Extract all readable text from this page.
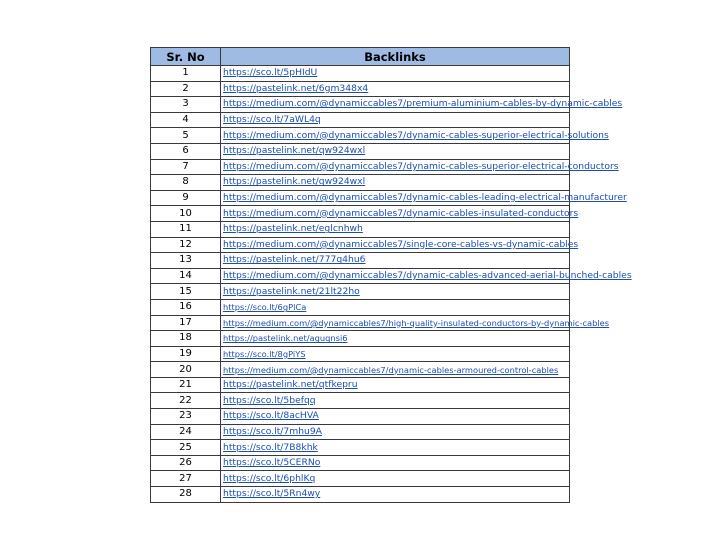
Sr. No	Backlinks
1	https://sco.lt/5pHIdU
2	https://pastelink.net/6gm348x4
3	https://medium.com/@dynamiccables7/premium-aluminium-cables-by-dynamic-cables
4	https://sco.lt/7aWL4q
5	https://medium.com/@dynamiccables7/dynamic-cables-superior-electrical-solutions
6	https://pastelink.net/qw924wxl
7	https://medium.com/@dynamiccables7/dynamic-cables-superior-electrical-conductors
8	https://pastelink.net/qw924wxl
9	https://medium.com/@dynamiccables7/dynamic-cables-leading-electrical-manufacturer
10	https://medium.com/@dynamiccables7/dynamic-cables-insulated-conductors
11	https://pastelink.net/eglcnhwh
12	https://medium.com/@dynamiccables7/single-core-cables-vs-dynamic-cables
13	https://pastelink.net/777q4hu6
14	https://medium.com/@dynamiccables7/dynamic-cables-advanced-aerial-bunched-cables
15	https://pastelink.net/21lt22ho
16	https://sco.lt/6gPlCa
17	https://medium.com/@dynamiccables7/high-quality-insulated-conductors-by-dynamic-cables
18	https://pastelink.net/aguqnsi6
19	https://sco.lt/8gPiYS
20	https://medium.com/@dynamiccables7/dynamic-cables-armoured-control-cables
21	https://pastelink.net/qtfkepru
22	https://sco.lt/5befqq
23	https://sco.lt/8acHVA
24	https://sco.lt/7mhu9A
25	https://sco.lt/7B8khk
26	https://sco.lt/5CERNo
27	https://sco.lt/6phlKq
28	https://sco.lt/5Rn4wy
